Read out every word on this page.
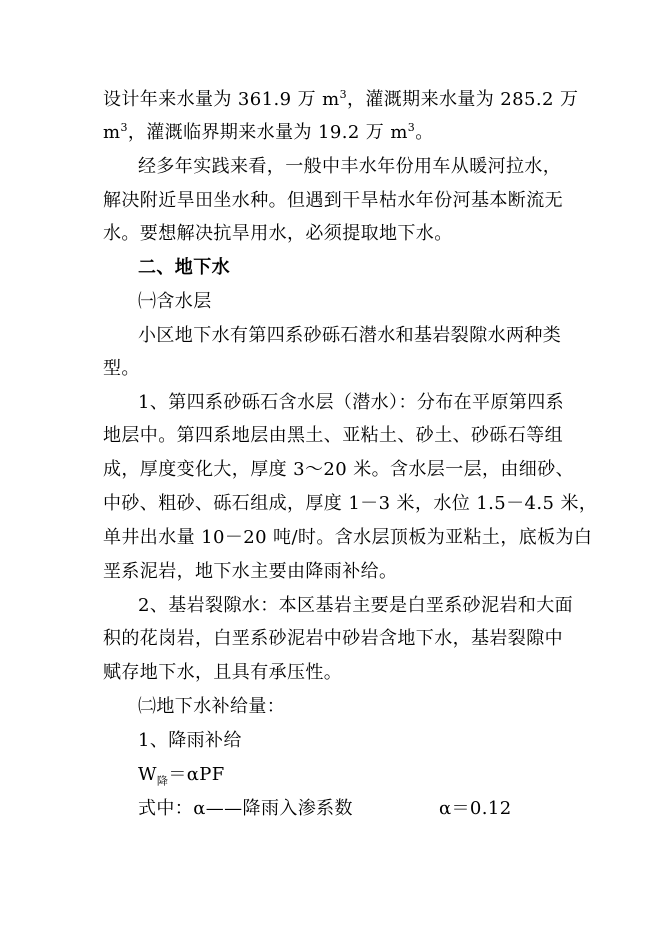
设计年来水量为 361.9 万 $m^3$，灌溉期来水量为 285.2 万
$m^3$，灌溉临界期来水量为 19.2 万 $m^3$。
经多年实践来看，一般中丰水年份用车从暖河拉水，
解决附近旱田坐水种。但遇到干旱枯水年份河基本断流无
水。要想解决抗旱用水，必须提取地下水。
二、地下水
㈠含水层
小区地下水有第四系砂砾石潜水和基岩裂隙水两种类
型。
1、第四系砂砾石含水层（潜水）：分布在平原第四系
地层中。第四系地层由黑土、亚粘土、砂土、砂砾石等组
成，厚度变化大，厚度 3～20 米。含水层一层，由细砂、
中砂、粗砂、砾石组成，厚度 1－3 米，水位 1.5－4.5 米，
单井出水量 10－20 吨/时。含水层顶板为亚粘土，底板为白
垩系泥岩，地下水主要由降雨补给。
2、基岩裂隙水：本区基岩主要是白垩系砂泥岩和大面
积的花岗岩，白垩系砂泥岩中砂岩含地下水，基岩裂隙中
赋存地下水，且具有承压性。
㈡地下水补给量：
1、降雨补给
$W_降=\alpha PF$
式中：α——降雨入渗系数	α＝0.12
